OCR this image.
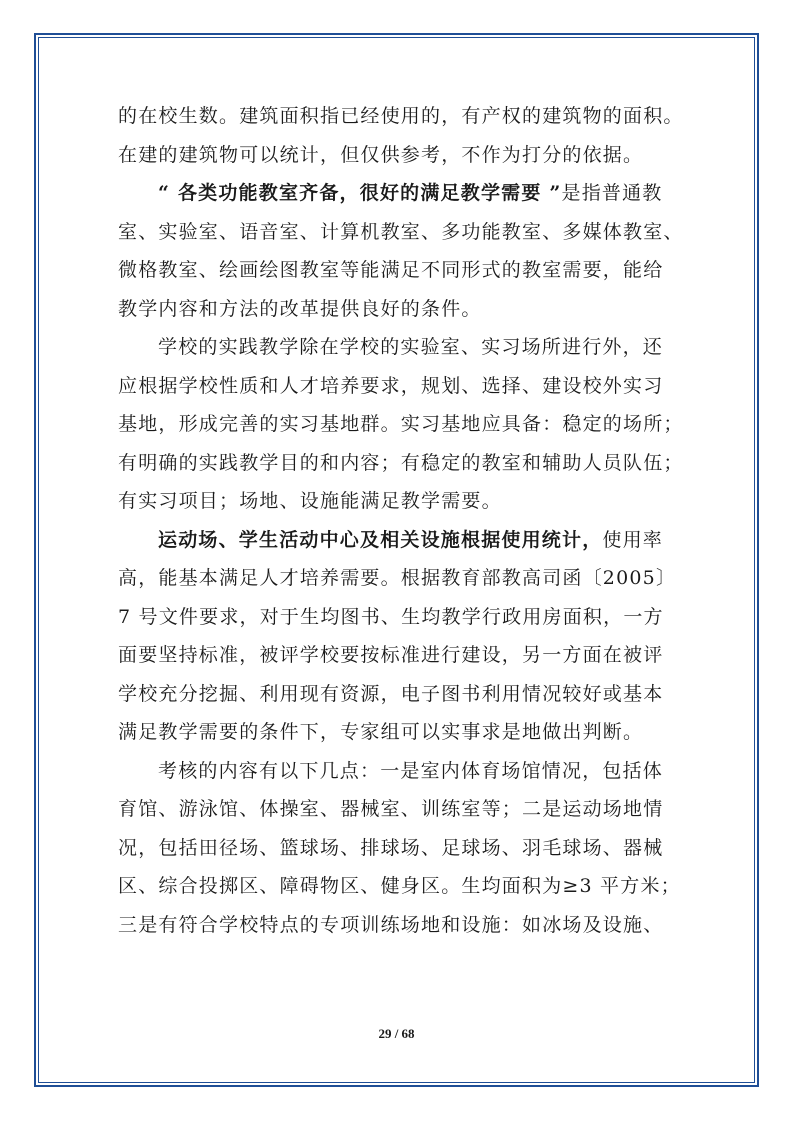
的在校生数。建筑面积指已经使用的，有产权的建筑物的面积。
在建的建筑物可以统计，但仅供参考，不作为打分的依据。
“ 各类功能教室齐备，很好的满足教学需要 ”是指普通教
室、实验室、语音室、计算机教室、多功能教室、多媒体教室、
微格教室、绘画绘图教室等能满足不同形式的教室需要，能给
教学内容和方法的改革提供良好的条件。
学校的实践教学除在学校的实验室、实习场所进行外，还
应根据学校性质和人才培养要求，规划、选择、建设校外实习
基地，形成完善的实习基地群。实习基地应具备：稳定的场所；
有明确的实践教学目的和内容；有稳定的教室和辅助人员队伍；
有实习项目；场地、设施能满足教学需要。
运动场、学生活动中心及相关设施根据使用统计，使用率
高，能基本满足人才培养需要。根据教育部教高司函〔2005〕
7 号文件要求，对于生均图书、生均教学行政用房面积，一方
面要坚持标准，被评学校要按标准进行建设，另一方面在被评
学校充分挖掘、利用现有资源，电子图书利用情况较好或基本
满足教学需要的条件下，专家组可以实事求是地做出判断。
考核的内容有以下几点：一是室内体育场馆情况，包括体
育馆、游泳馆、体操室、器械室、训练室等；二是运动场地情
况，包括田径场、篮球场、排球场、足球场、羽毛球场、器械
区、综合投掷区、障碍物区、健身区。生均面积为≥3 平方米；
三是有符合学校特点的专项训练场地和设施：如冰场及设施、
29 / 68
